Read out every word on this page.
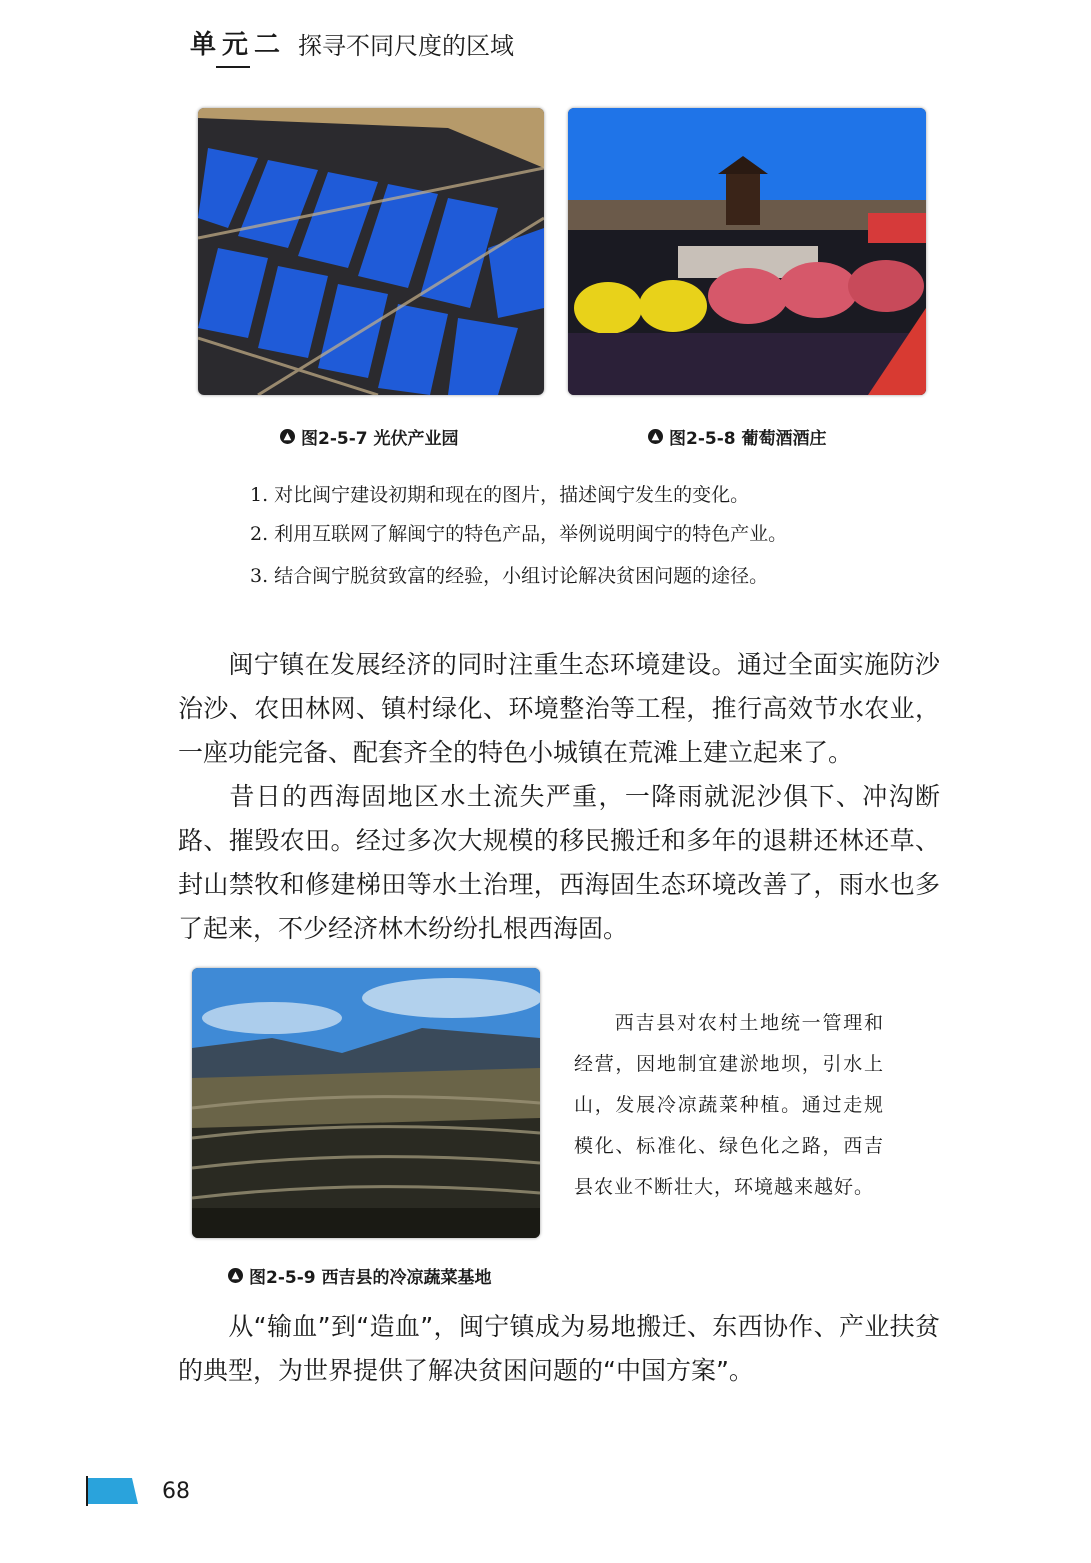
单元二 探寻不同尺度的区域
▲ 图2-5-7 光伏产业园	▲ 图2-5-8 葡萄酒酒庄
1. 对比闽宁建设初期和现在的图片，描述闽宁发生的变化。
2. 利用互联网了解闽宁的特色产品，举例说明闽宁的特色产业。
3. 结合闽宁脱贫致富的经验，小组讨论解决贫困问题的途径。
闽宁镇在发展经济的同时注重生态环境建设。通过全面实施防沙治沙、农田林网、镇村绿化、环境整治等工程，推行高效节水农业，一座功能完备、配套齐全的特色小城镇在荒滩上建立起来了。
昔日的西海固地区水土流失严重，一降雨就泥沙俱下、冲沟断路、摧毁农田。经过多次大规模的移民搬迁和多年的退耕还林还草、封山禁牧和修建梯田等水土治理，西海固生态环境改善了，雨水也多了起来，不少经济林木纷纷扎根西海固。
西吉县对农村土地统一管理和经营，因地制宜建淤地坝，引水上山，发展冷凉蔬菜种植。通过走规模化、标准化、绿色化之路，西吉县农业不断壮大，环境越来越好。
▲ 图2-5-9 西吉县的冷凉蔬菜基地
从“输血”到“造血”，闽宁镇成为易地搬迁、东西协作、产业扶贫的典型，为世界提供了解决贫困问题的“中国方案”。
68
